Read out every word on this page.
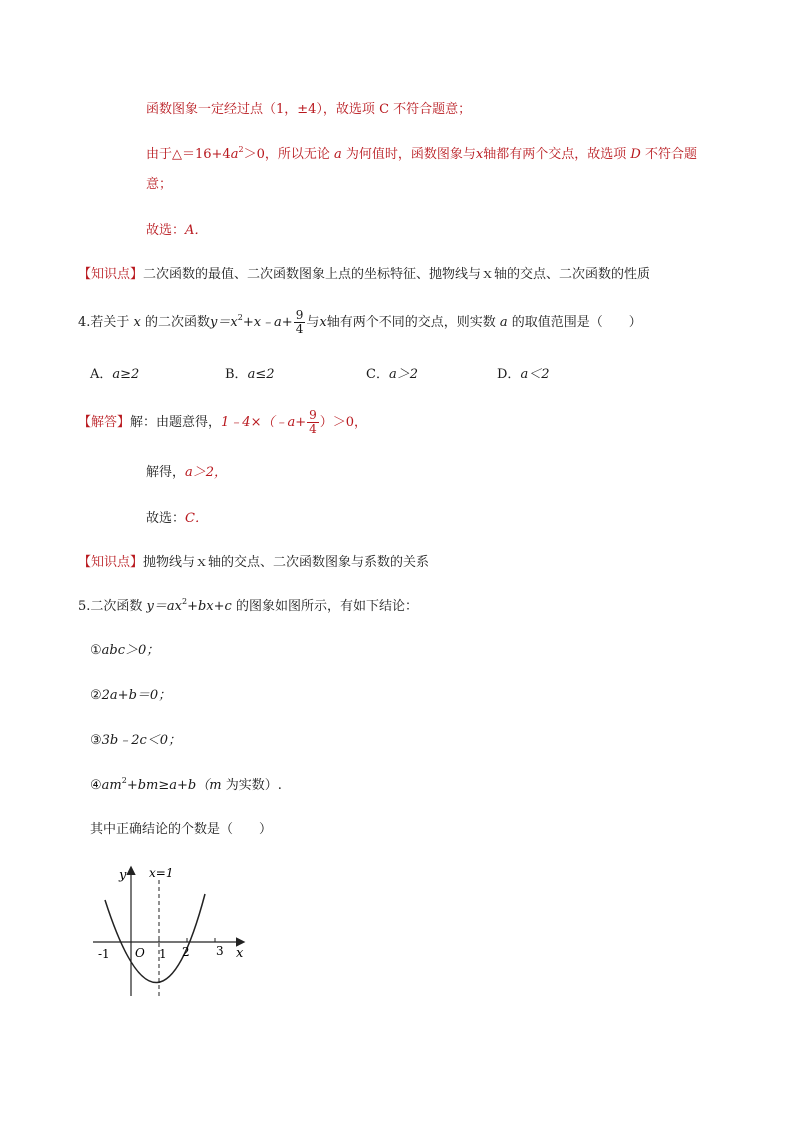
函数图象一定经过点（1，±4），故选项 C 不符合题意；
由于$\triangle=16+4a^2>0$，所以无论 a 为何值时，函数图象与x轴都有两个交点，故选项 D 不符合题
意；
故选：A．
【知识点】二次函数的最值、二次函数图象上点的坐标特征、抛物线与ｘ轴的交点、二次函数的性质
4.若关于 x 的二次函数$y=x^2+x﹣a+ \frac{9}{4}$ 与x轴有两个不同的交点，则实数 a 的取值范围是（　　）
A．a≥2	B．a≤2	C．a＞2	D．a＜2
【解答】解：由题意得，1﹣4×（﹣a+ $\frac{9}{4} )>0$，
解得，a＞2，
故选：C．
【知识点】抛物线与ｘ轴的交点、二次函数图象与系数的关系
5.二次函数 $y=ax^2+bx+c$ 的图象如图所示，有如下结论：
①abc＞0；
②2a+b＝0；
③3b﹣2c＜0；
$④am^2+bm\ge a+b(m$ 为实数）.
其中正确结论的个数是（　　）
y x=1
x
O
-1	1 2 3
